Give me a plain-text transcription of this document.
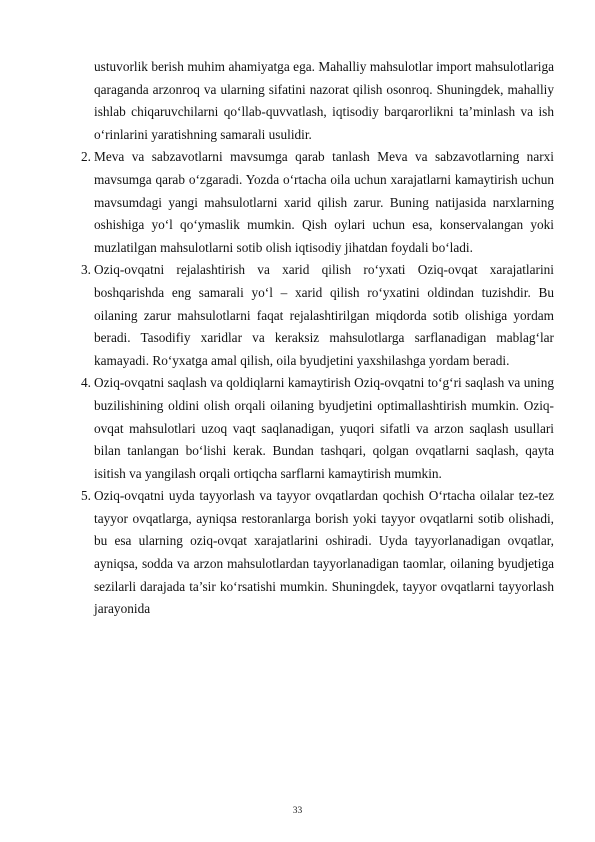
ustuvorlik berish muhim ahamiyatga ega. Mahalliy mahsulotlar import mahsulotlariga qaraganda arzonroq va ularning sifatini nazorat qilish osonroq. Shuningdek, mahalliy ishlab chiqaruvchilarni qo‘llab-quvvatlash, iqtisodiy barqarorlikni ta’minlash va ish o‘rinlarini yaratishning samarali usulidir.

2. Meva va sabzavotlarni mavsumga qarab tanlash Meva va sabzavotlarning narxi mavsumga qarab o‘zgaradi. Yozda o‘rtacha oila uchun xarajatlarni kamaytirish uchun mavsumdagi yangi mahsulotlarni xarid qilish zarur. Buning natijasida narxlarning oshishiga yo‘l qo‘ymaslik mumkin. Qish oylari uchun esa, konservalangan yoki muzlatilgan mahsulotlarni sotib olish iqtisodiy jihatdan foydali bo‘ladi.

3. Oziq-ovqatni rejalashtirish va xarid qilish ro‘yxati Oziq-ovqat xarajatlarini boshqarishda eng samarali yo‘l – xarid qilish ro‘yxatini oldindan tuzishdir. Bu oilaning zarur mahsulotlarni faqat rejalashtirilgan miqdorda sotib olishiga yordam beradi. Tasodifiy xaridlar va keraksiz mahsulotlarga sarflanadigan mablag‘lar kamayadi. Ro‘yxatga amal qilish, oila byudjetini yaxshilashga yordam beradi.

4. Oziq-ovqatni saqlash va qoldiqlarni kamaytirish Oziq-ovqatni to‘g‘ri saqlash va uning buzilishining oldini olish orqali oilaning byudjetini optimallashtirish mumkin. Oziq-ovqat mahsulotlari uzoq vaqt saqlanadigan, yuqori sifatli va arzon saqlash usullari bilan tanlangan bo‘lishi kerak. Bundan tashqari, qolgan ovqatlarni saqlash, qayta isitish va yangilash orqali ortiqcha sarflarni kamaytirish mumkin.

5. Oziq-ovqatni uyda tayyorlash va tayyor ovqatlardan qochish O‘rtacha oilalar tez-tez tayyor ovqatlarga, ayniqsa restoranlarga borish yoki tayyor ovqatlarni sotib olishadi, bu esa ularning oziq-ovqat xarajatlarini oshiradi. Uyda tayyorlanadigan ovqatlar, ayniqsa, sodda va arzon mahsulotlardan tayyorlanadigan taomlar, oilaning byudjetiga sezilarli darajada ta’sir ko‘rsatishi mumkin. Shuningdek, tayyor ovqatlarni tayyorlash jarayonida

33
